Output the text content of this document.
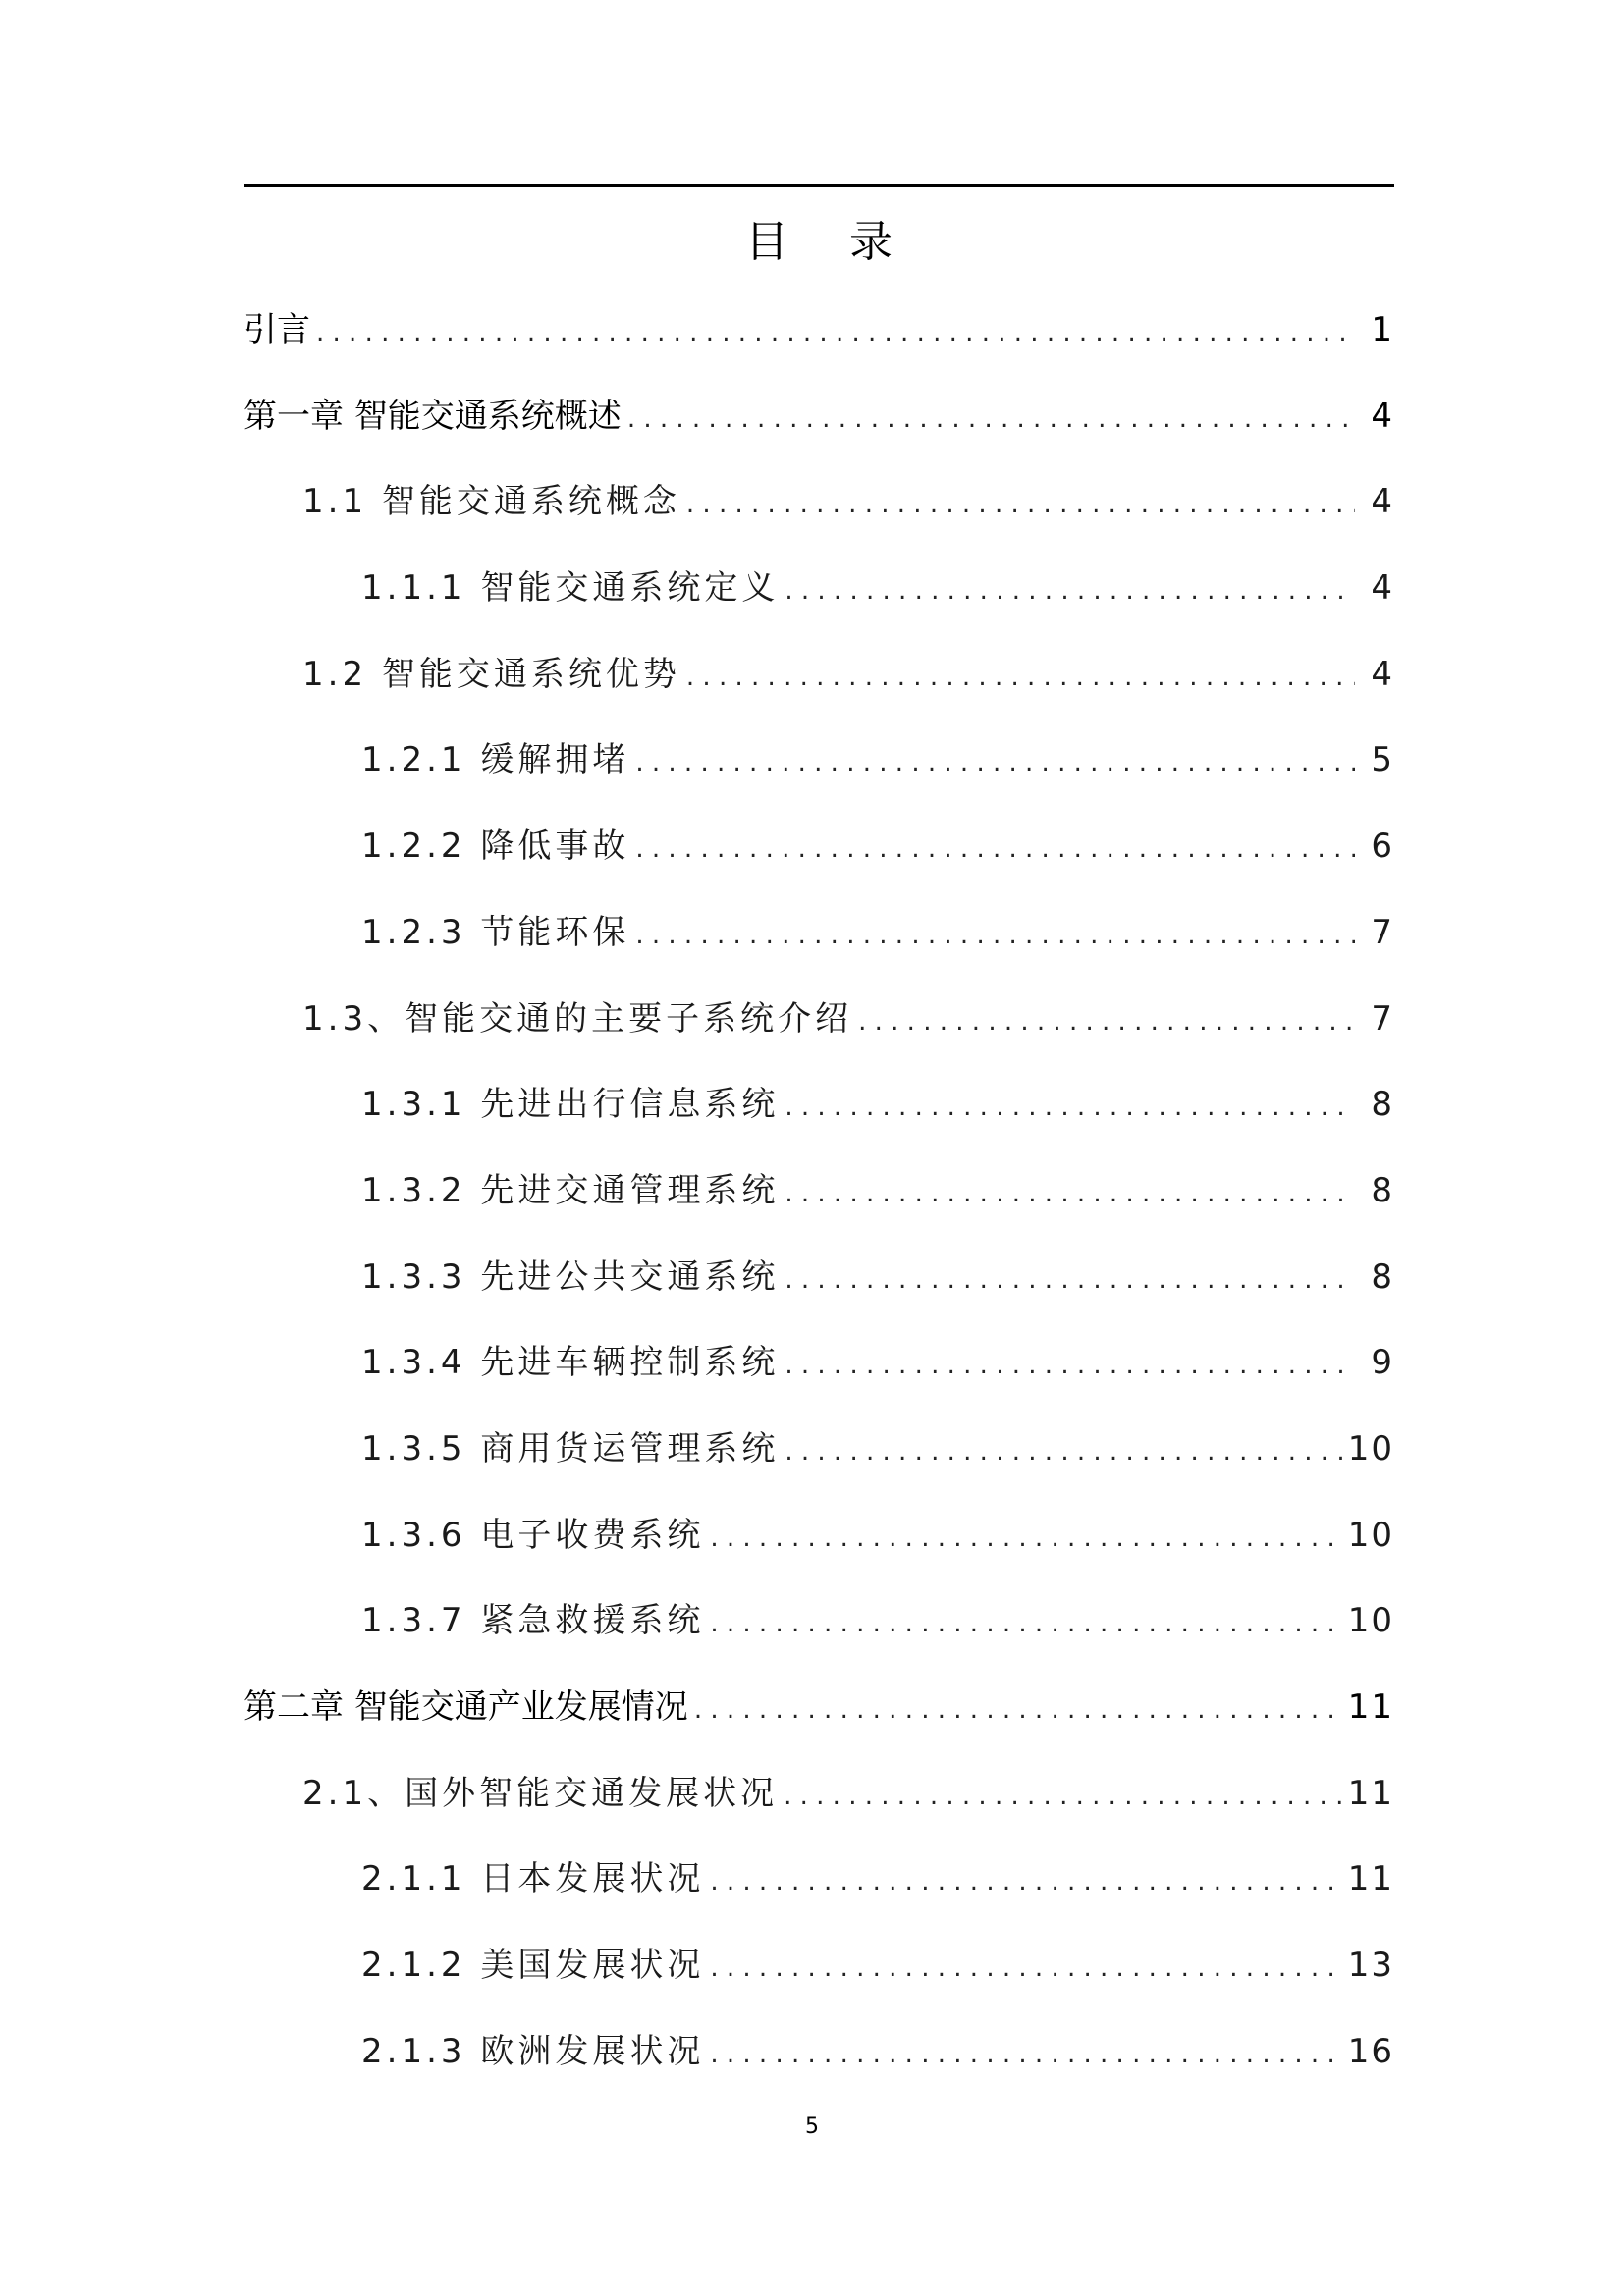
目 录
引言 . . .	1
第一章 智能交通系统概述 . . .	4
1.1 智能交通系统概念 . . .	4
1.1.1 智能交通系统定义 . . .	4
1.2 智能交通系统优势 . . .	4
1.2.1 缓解拥堵 . . .	5
1.2.2 降低事故 . . .	6
1.2.3 节能环保 . . .	7
1.3、智能交通的主要子系统介绍 . . .	7
1.3.1 先进出行信息系统 . . .	8
1.3.2 先进交通管理系统 . . .	8
1.3.3 先进公共交通系统 . . .	8
1.3.4 先进车辆控制系统 . . .	9
1.3.5 商用货运管理系统 . . .	10
1.3.6 电子收费系统 . . .	10
1.3.7 紧急救援系统 . . .	10
第二章 智能交通产业发展情况 . . .	11
2.1、国外智能交通发展状况 . . .	11
2.1.1 日本发展状况 . . .	11
2.1.2 美国发展状况 . . .	13
2.1.3 欧洲发展状况 . . .	16
5
